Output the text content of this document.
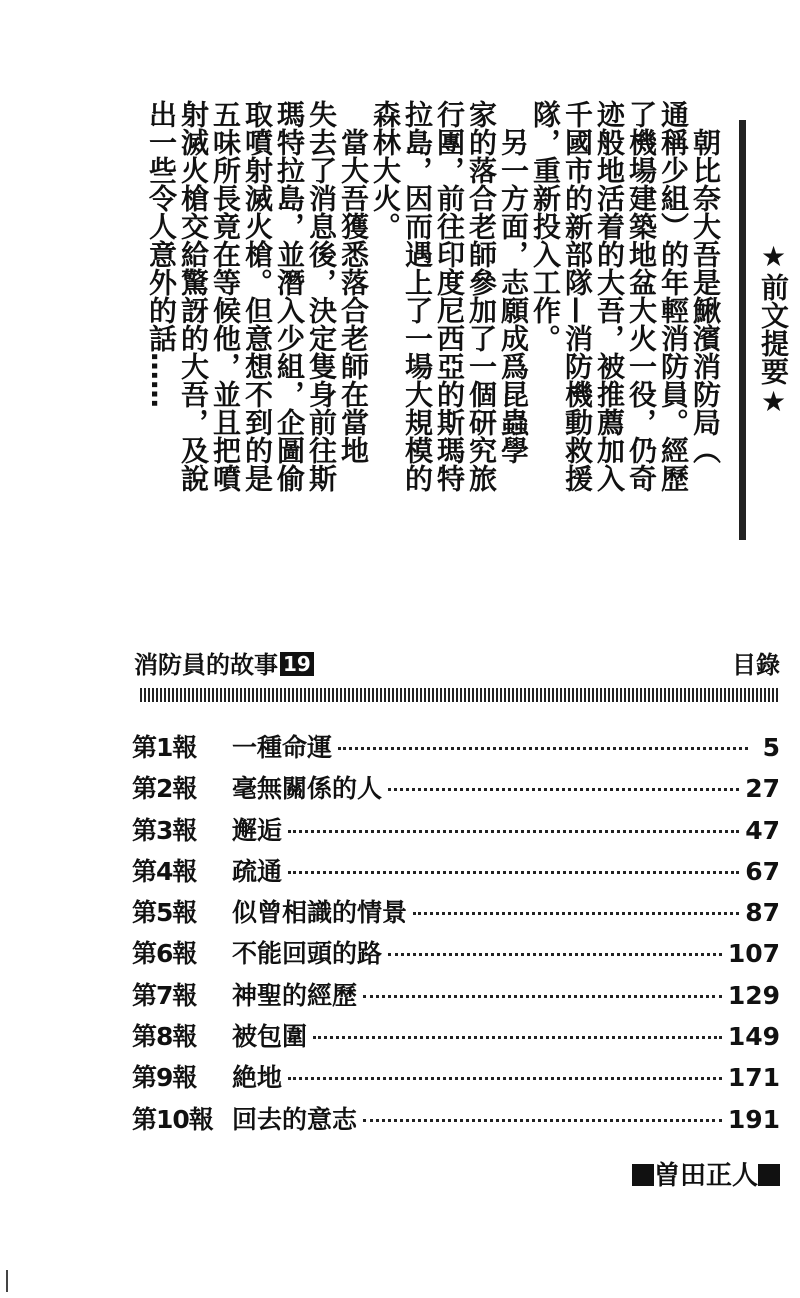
★前文提要★
朝比奈大吾是鰍濱消防局（
通稱少組）的年輕消防員。經歷
了機場建築地盆大火一役，仍奇
迹般地活着的大吾，被推薦加入
千國市的新部隊—消防機動救援
隊，重新投入工作。
另一方面，志願成爲昆蟲學
家的落合老師參加了一個研究旅
行團，前往印度尼西亞的斯瑪特
拉島，因而遇上了一場大規模的
森林大火。
當大吾獲悉落合老師在當地
失去了消息後，決定隻身前往斯
瑪特拉島，並潛入少組，企圖偷
取噴射滅火槍。但意想不到的是
五味所長竟在等候他，並且把噴
射滅火槍交給驚訝的大吾，及說
出一些令人意外的話……
消防員的故事 19	目錄
第1報	一種命運	5
第2報	毫無關係的人	27
第3報	邂逅	47
第4報	疏通	67
第5報	似曾相識的情景	87
第6報	不能回頭的路	107
第7報	神聖的經歷	129
第8報	被包圍	149
第9報	絶地	171
第10報 回去的意志	191
曽田正人
